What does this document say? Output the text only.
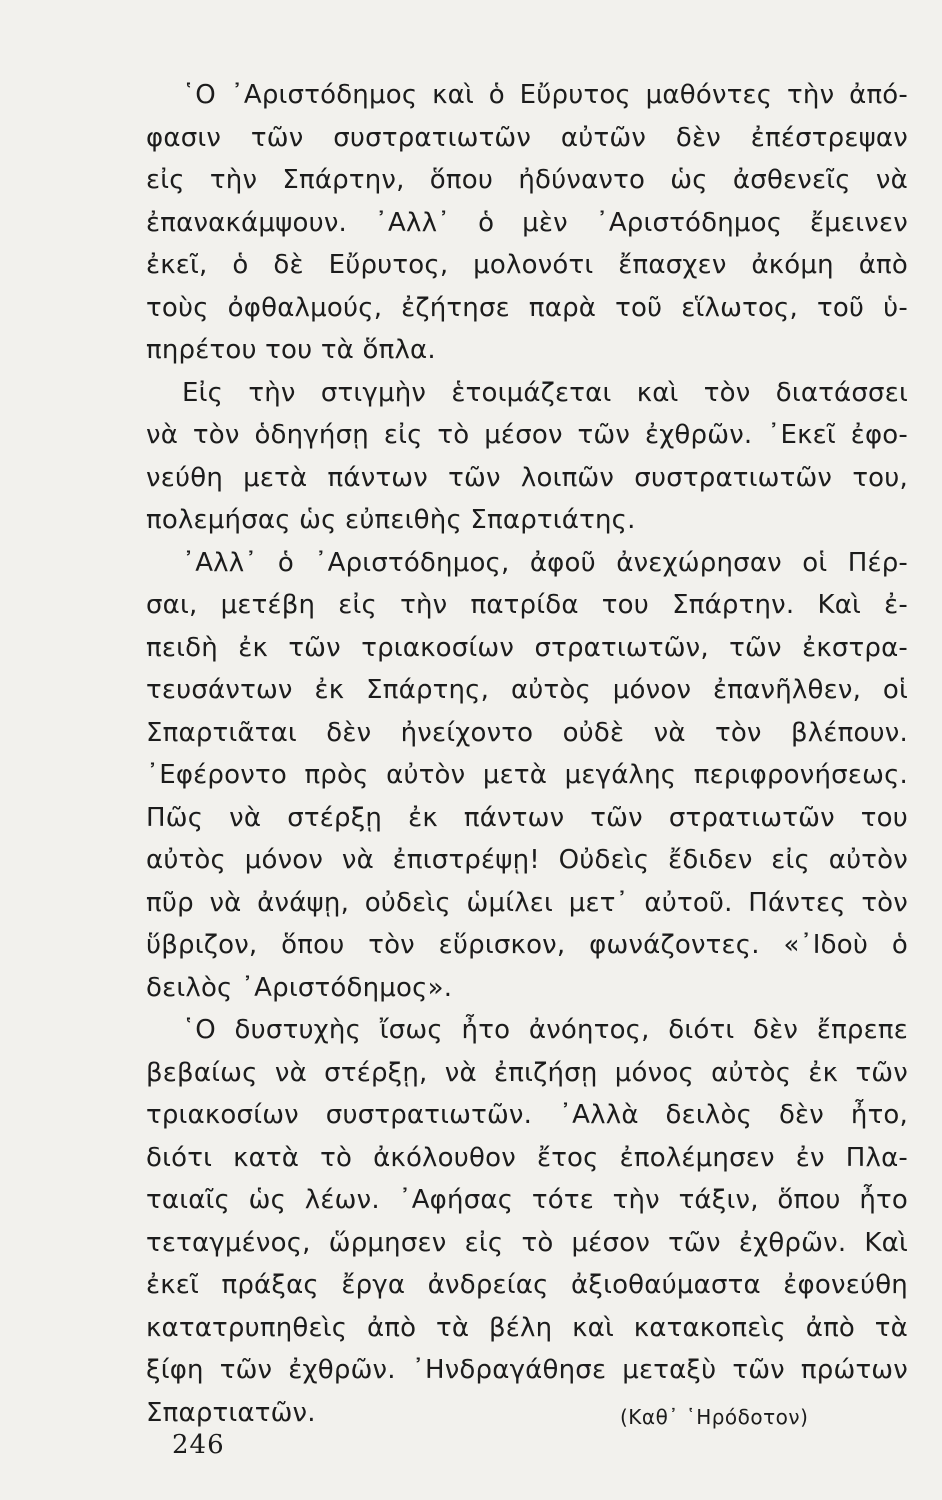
῾Ο ᾿Αριστόδημος καὶ ὁ Εὔρυτος μαθόντες τὴν ἀπό-
φασιν τῶν συστρατιωτῶν αὐτῶν δὲν ἐπέστρεψαν
εἰς τὴν Σπάρτην, ὅπου ἠδύναντο ὡς ἀσθενεῖς νὰ
ἐπανακάμψουν. ᾿Αλλ᾿ ὁ μὲν ᾿Αριστόδημος ἔμεινεν
ἐκεῖ, ὁ δὲ Εὔρυτος, μολονότι ἔπασχεν ἀκόμη ἀπὸ
τοὺς ὀφθαλμούς, ἐζήτησε παρὰ τοῦ εἵλωτος, τοῦ ὑ-
πηρέτου του τὰ ὅπλα.
Εἰς τὴν στιγμὴν ἑτοιμάζεται καὶ τὸν διατάσσει
νὰ τὸν ὁδηγήσῃ εἰς τὸ μέσον τῶν ἐχθρῶν. ᾿Εκεῖ ἐφο-
νεύθη μετὰ πάντων τῶν λοιπῶν συστρατιωτῶν του,
πολεμήσας ὡς εὐπειθὴς Σπαρτιάτης.
᾿Αλλ᾿ ὁ ᾿Αριστόδημος, ἀφοῦ ἀνεχώρησαν οἱ Πέρ-
σαι, μετέβη εἰς τὴν πατρίδα του Σπάρτην. Καὶ ἐ-
πειδὴ ἐκ τῶν τριακοσίων στρατιωτῶν, τῶν ἐκστρα-
τευσάντων ἐκ Σπάρτης, αὐτὸς μόνον ἐπανῆλθεν, οἱ
Σπαρτιᾶται δὲν ἠνείχοντο οὐδὲ νὰ τὸν βλέπουν.
᾿Εφέροντο πρὸς αὐτὸν μετὰ μεγάλης περιφρονήσεως.
Πῶς νὰ στέρξῃ ἐκ πάντων τῶν στρατιωτῶν του
αὐτὸς μόνον νὰ ἐπιστρέψῃ! Οὐδεὶς ἔδιδεν εἰς αὐτὸν
πῦρ νὰ ἀνάψῃ, οὐδεὶς ὡμίλει μετ᾿ αὐτοῦ. Πάντες τὸν
ὕβριζον, ὅπου τὸν εὕρισκον, φωνάζοντες. «᾿Ιδοὺ ὁ
δειλὸς ᾿Αριστόδημος».
῾Ο δυστυχὴς ἴσως ἦτο ἀνόητος, διότι δὲν ἔπρεπε
βεβαίως νὰ στέρξῃ, νὰ ἐπιζήσῃ μόνος αὐτὸς ἐκ τῶν
τριακοσίων συστρατιωτῶν. ᾿Αλλὰ δειλὸς δὲν ἦτο,
διότι κατὰ τὸ ἀκόλουθον ἔτος ἐπολέμησεν ἐν Πλα-
ταιαῖς ὡς λέων. ᾿Αφήσας τότε τὴν τάξιν, ὅπου ἦτο
τεταγμένος, ὥρμησεν εἰς τὸ μέσον τῶν ἐχθρῶν. Καὶ
ἐκεῖ πράξας ἔργα ἀνδρείας ἀξιοθαύμαστα ἐφονεύθη
κατατρυπηθεὶς ἀπὸ τὰ βέλη καὶ κατακοπεὶς ἀπὸ τὰ
ξίφη τῶν ἐχθρῶν. ᾿Ηνδραγάθησε μεταξὺ τῶν πρώτων
Σπαρτιατῶν.	(Καθ᾿ ῾Ηρόδοτον)
246
